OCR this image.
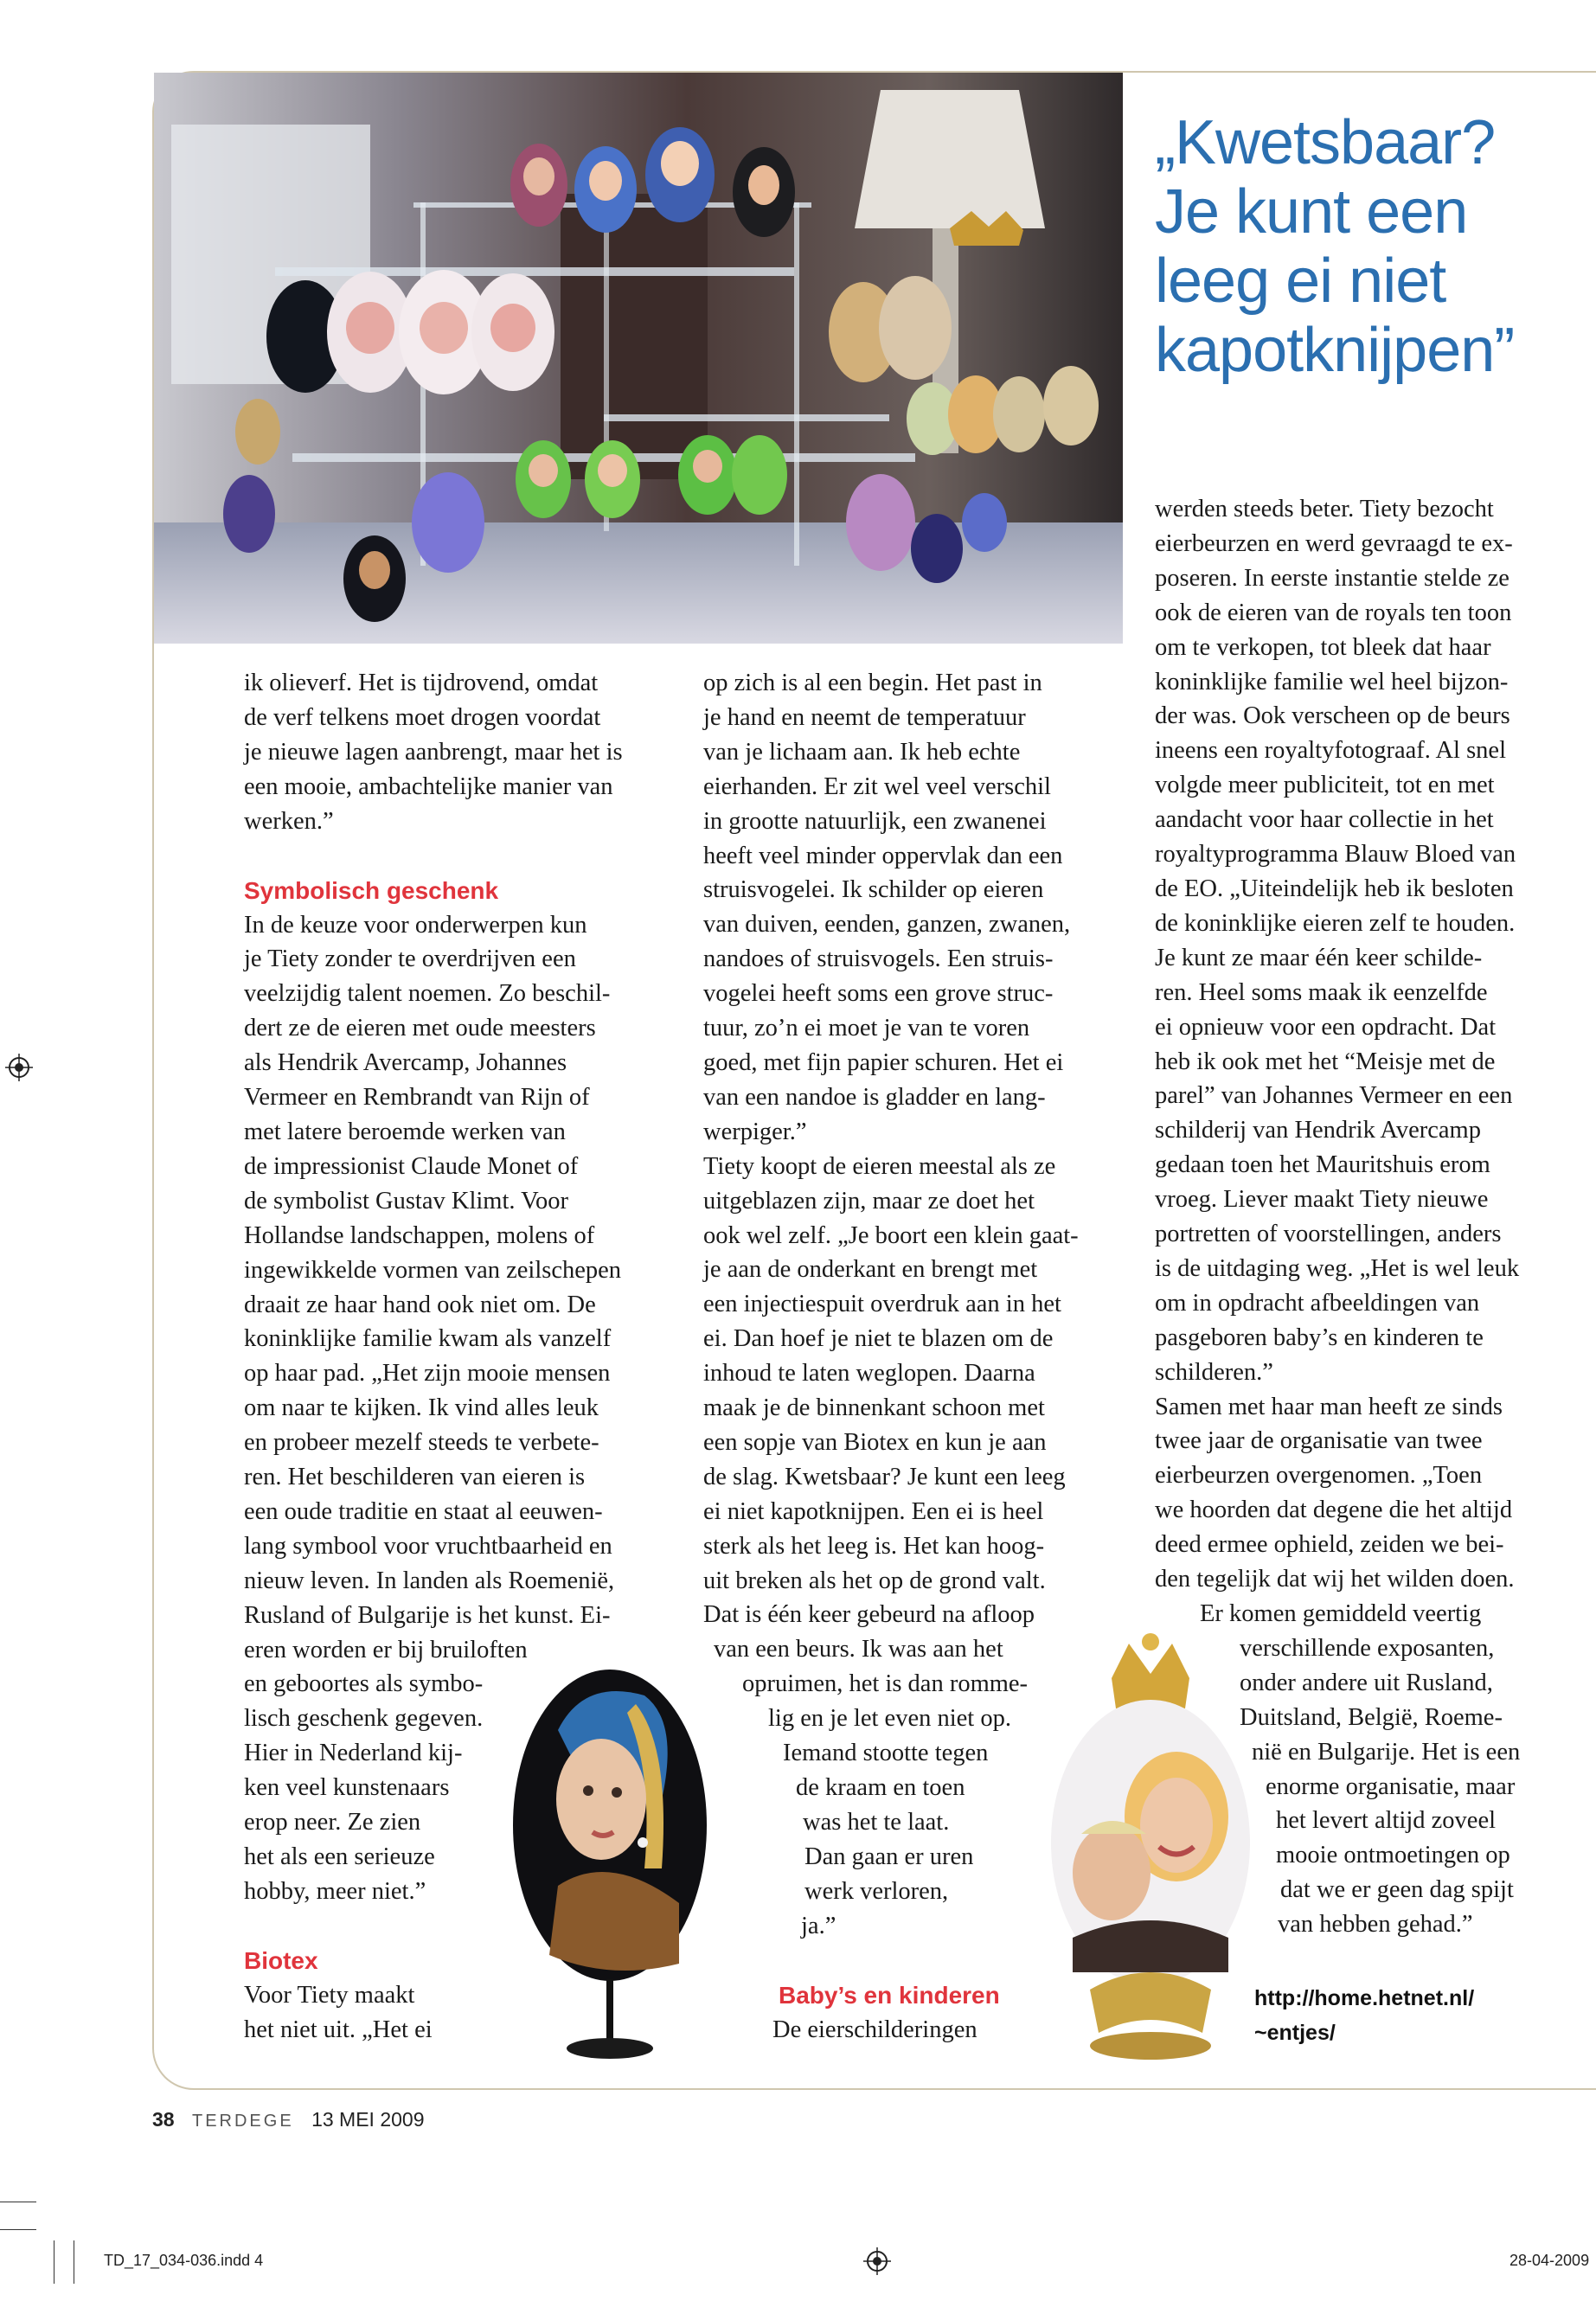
„Kwetsbaar?
Je kunt een
leeg ei niet
kapotknijpen”

ik olieverf. Het is tijdrovend, omdat
de verf telkens moet drogen voordat
je nieuwe lagen aanbrengt, maar het is
een mooie, ambachtelijke manier van
werken.”

Symbolisch geschenk

In de keuze voor onderwerpen kun
je Tiety zonder te overdrijven een
veelzijdig talent noemen. Zo beschil-
dert ze de eieren met oude meesters
als Hendrik Avercamp, Johannes
Vermeer en Rembrandt van Rijn of
met latere beroemde werken van
de impressionist Claude Monet of
de symbolist Gustav Klimt. Voor
Hollandse landschappen, molens of
ingewikkelde vormen van zeilschepen
draait ze haar hand ook niet om. De
koninklijke familie kwam als vanzelf
op haar pad. „Het zijn mooie mensen
om naar te kijken. Ik vind alles leuk
en probeer mezelf steeds te verbete-
ren. Het beschilderen van eieren is
een oude traditie en staat al eeuwen-
lang symbool voor vruchtbaarheid en
nieuw leven. In landen als Roemenië,
Rusland of Bulgarije is het kunst. Ei-
eren worden er bij bruiloften
en geboortes als symbo-
lisch geschenk gegeven.
Hier in Nederland kij-
ken veel kunstenaars
erop neer. Ze zien
het als een serieuze
hobby, meer niet.”

Biotex

Voor Tiety maakt
het niet uit. „Het ei

op zich is al een begin. Het past in
je hand en neemt de temperatuur
van je lichaam aan. Ik heb echte
eierhanden. Er zit wel veel verschil
in grootte natuurlijk, een zwanenei
heeft veel minder oppervlak dan een
struisvogelei. Ik schilder op eieren
van duiven, eenden, ganzen, zwanen,
nandoes of struisvogels. Een struis-
vogelei heeft soms een grove struc-
tuur, zo’n ei moet je van te voren
goed, met fijn papier schuren. Het ei
van een nandoe is gladder en lang-
werpiger.”
Tiety koopt de eieren meestal als ze
uitgeblazen zijn, maar ze doet het
ook wel zelf. „Je boort een klein gaat-
je aan de onderkant en brengt met
een injectiespuit overdruk aan in het
ei. Dan hoef je niet te blazen om de
inhoud te laten weglopen. Daarna
maak je de binnenkant schoon met
een sopje van Biotex en kun je aan
de slag. Kwetsbaar? Je kunt een leeg
ei niet kapotknijpen. Een ei is heel
sterk als het leeg is. Het kan hoog-
uit breken als het op de grond valt.
Dat is één keer gebeurd na afloop
van een beurs. Ik was aan het
opruimen, het is dan romme-
lig en je let even niet op.
Iemand stootte tegen
de kraam en toen
was het te laat.
Dan gaan er uren
werk verloren,
ja.”

Baby’s en kinderen

De eierschilderingen

werden steeds beter. Tiety bezocht
eierbeurzen en werd gevraagd te ex-
poseren. In eerste instantie stelde ze
ook de eieren van de royals ten toon
om te verkopen, tot bleek dat haar
koninklijke familie wel heel bijzon-
der was. Ook verscheen op de beurs
ineens een royaltyfotograaf. Al snel
volgde meer publiciteit, tot en met
aandacht voor haar collectie in het
royaltyprogramma Blauw Bloed van
de EO. „Uiteindelijk heb ik besloten
de koninklijke eieren zelf te houden.
Je kunt ze maar één keer schilde-
ren. Heel soms maak ik eenzelfde
ei opnieuw voor een opdracht. Dat
heb ik ook met het “Meisje met de
parel” van Johannes Vermeer en een
schilderij van Hendrik Avercamp
gedaan toen het Mauritshuis erom
vroeg. Liever maakt Tiety nieuwe
portretten of voorstellingen, anders
is de uitdaging weg. „Het is wel leuk
om in opdracht afbeeldingen van
pasgeboren baby’s en kinderen te
schilderen.”
Samen met haar man heeft ze sinds
twee jaar de organisatie van twee
eierbeurzen overgenomen. „Toen
we hoorden dat degene die het altijd
deed ermee ophield, zeiden we bei-
den tegelijk dat wij het wilden doen.
Er komen gemiddeld veertig
verschillende exposanten,
onder andere uit Rusland,
Duitsland, België, Roeme-
nië en Bulgarije. Het is een
enorme organisatie, maar
het levert altijd zoveel
mooie ontmoetingen op
dat we er geen dag spijt
van hebben gehad.”

http://home.hetnet.nl/
~entjes/
38 TERDEGE 13 MEI 2009
TD_17_034-036.indd 4	28-04-2009
